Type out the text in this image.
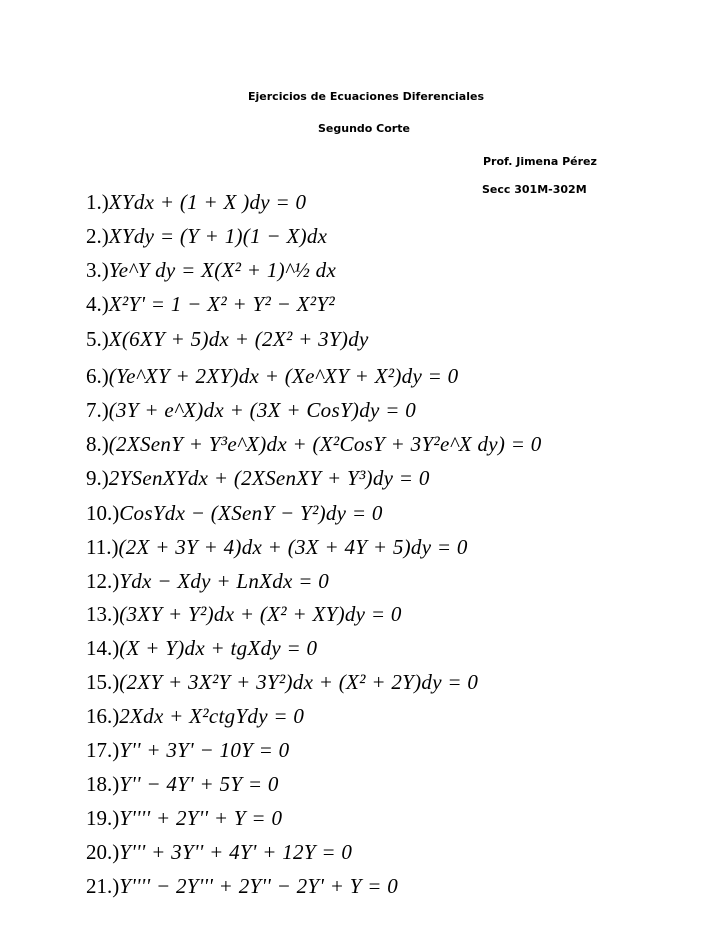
Ejercicios de Ecuaciones Diferenciales
Segundo Corte
Prof. Jimena Pérez
Secc 301M-302M
1.)XYdx + (1 + X )dy = 0
2.)XYdy = (Y + 1)(1 − X)dx
3.)Ye^Y dy = X(X² + 1)^½ dx
4.)X²Y' = 1 − X² + Y² − X²Y²
5.)X(6XY + 5)dx + (2X² + 3Y)dy
6.)(Ye^XY + 2XY)dx + (Xe^XY + X²)dy = 0
7.)(3Y + e^X)dx + (3X + CosY)dy = 0
8.)(2XSenY + Y³e^X)dx + (X²CosY + 3Y²e^X dy) = 0
9.)2YSenXYdx + (2XSenXY + Y³)dy = 0
10.)CosYdx − (XSenY − Y²)dy = 0
11.)(2X + 3Y + 4)dx + (3X + 4Y + 5)dy = 0
12.)Ydx − Xdy + LnXdx = 0
13.)(3XY + Y²)dx + (X² + XY)dy = 0
14.)(X + Y)dx + tgXdy = 0
15.)(2XY + 3X²Y + 3Y²)dx + (X² + 2Y)dy = 0
16.)2Xdx + X²ctgYdy = 0
17.)Y'' + 3Y' − 10Y = 0
18.)Y'' − 4Y' + 5Y = 0
19.)Y'''' + 2Y'' + Y = 0
20.)Y''' + 3Y'' + 4Y' + 12Y = 0
21.)Y'''' − 2Y''' + 2Y'' − 2Y' + Y = 0
